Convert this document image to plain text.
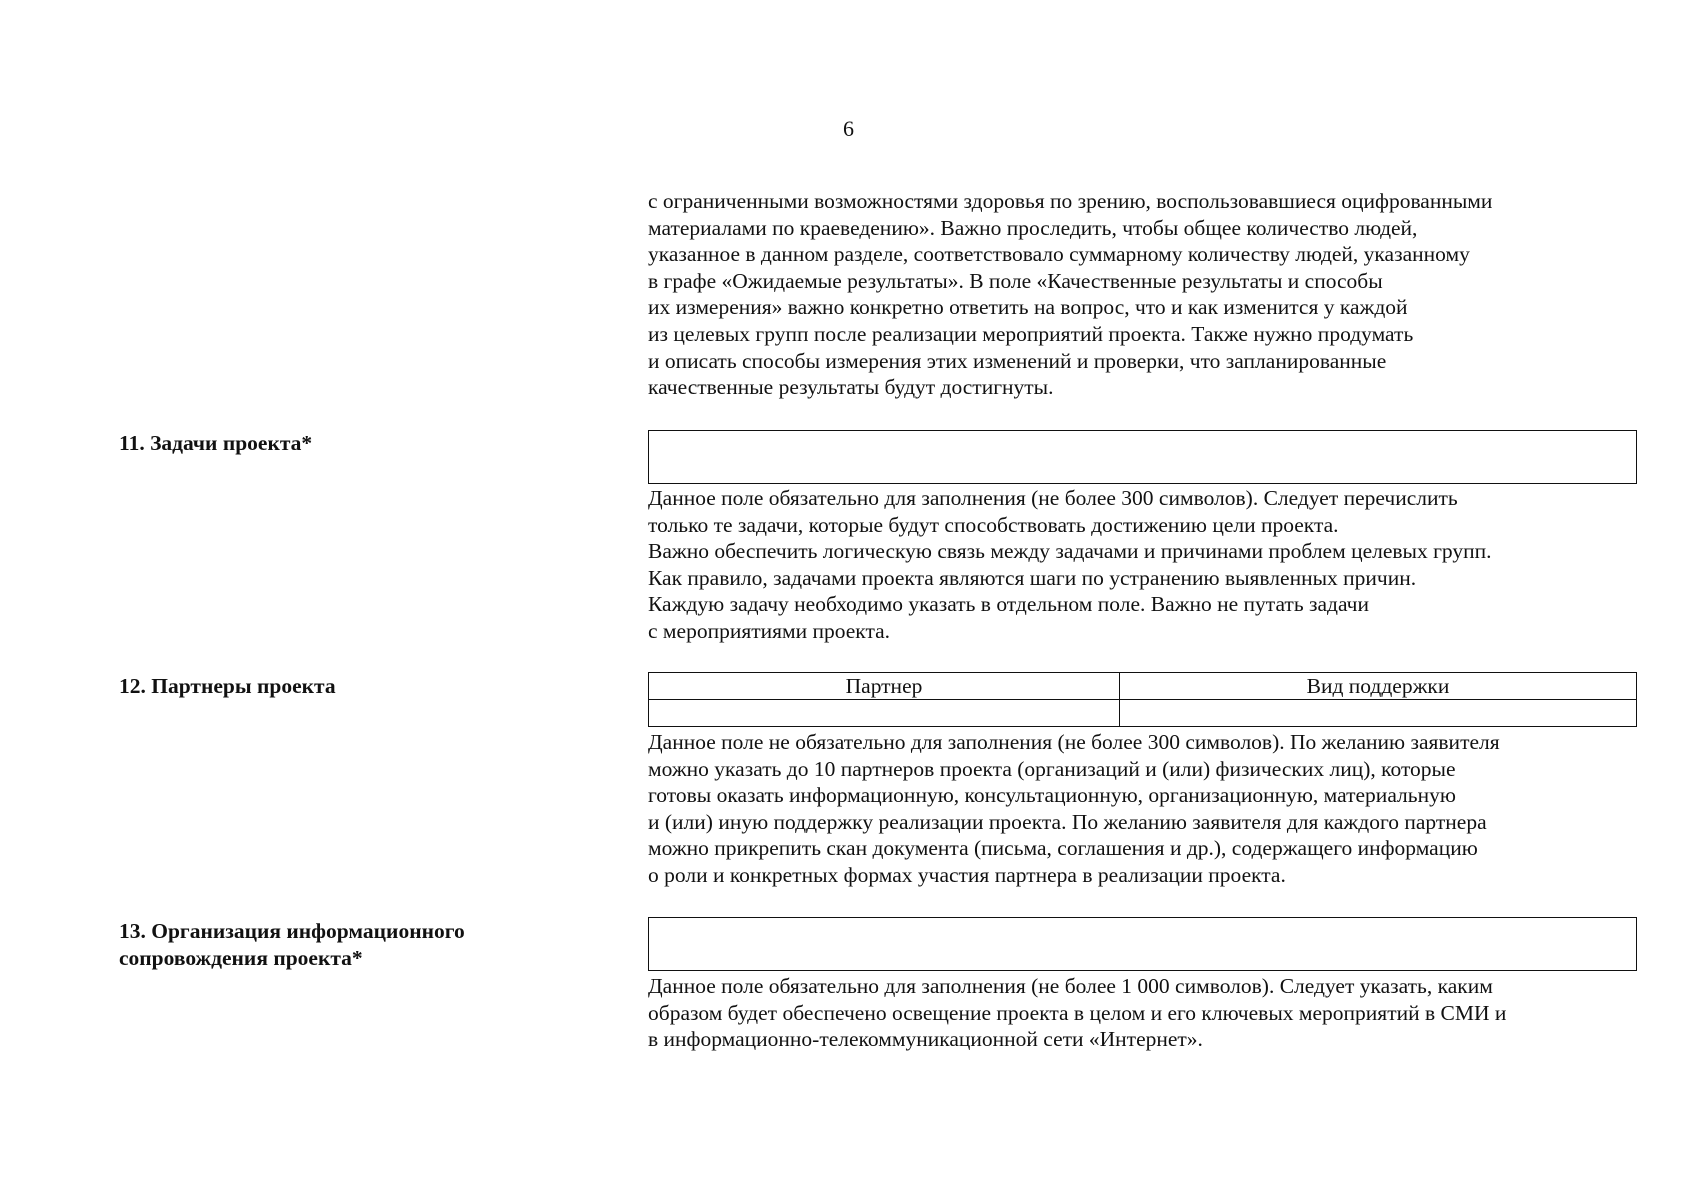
6
с ограниченными возможностями здоровья по зрению, воспользовавшиеся оцифрованными
материалами по краеведению». Важно проследить, чтобы общее количество людей,
указанное в данном разделе, соответствовало суммарному количеству людей, указанному
в графе «Ожидаемые результаты». В поле «Качественные результаты и способы
их измерения» важно конкретно ответить на вопрос, что и как изменится у каждой
из целевых групп после реализации мероприятий проекта. Также нужно продумать
и описать способы измерения этих изменений и проверки, что запланированные
качественные результаты будут достигнуты.
11. Задачи проекта*
Данное поле обязательно для заполнения (не более 300 символов). Следует перечислить
только те задачи, которые будут способствовать достижению цели проекта.
Важно обеспечить логическую связь между задачами и причинами проблем целевых групп.
Как правило, задачами проекта являются шаги по устранению выявленных причин.
Каждую задачу необходимо указать в отдельном поле. Важно не путать задачи
с мероприятиями проекта.
12. Партнеры проекта	Партнер	Вид поддержки

Данное поле не обязательно для заполнения (не более 300 символов). По желанию заявителя
можно указать до 10 партнеров проекта (организаций и (или) физических лиц), которые
готовы оказать информационную, консультационную, организационную, материальную
и (или) иную поддержку реализации проекта. По желанию заявителя для каждого партнера
можно прикрепить скан документа (письма, соглашения и др.), содержащего информацию
о роли и конкретных формах участия партнера в реализации проекта.
13. Организация информационного
сопровождения проекта*
Данное поле обязательно для заполнения (не более 1 000 символов). Следует указать, каким
образом будет обеспечено освещение проекта в целом и его ключевых мероприятий в СМИ и
в информационно-телекоммуникационной сети «Интернет».
